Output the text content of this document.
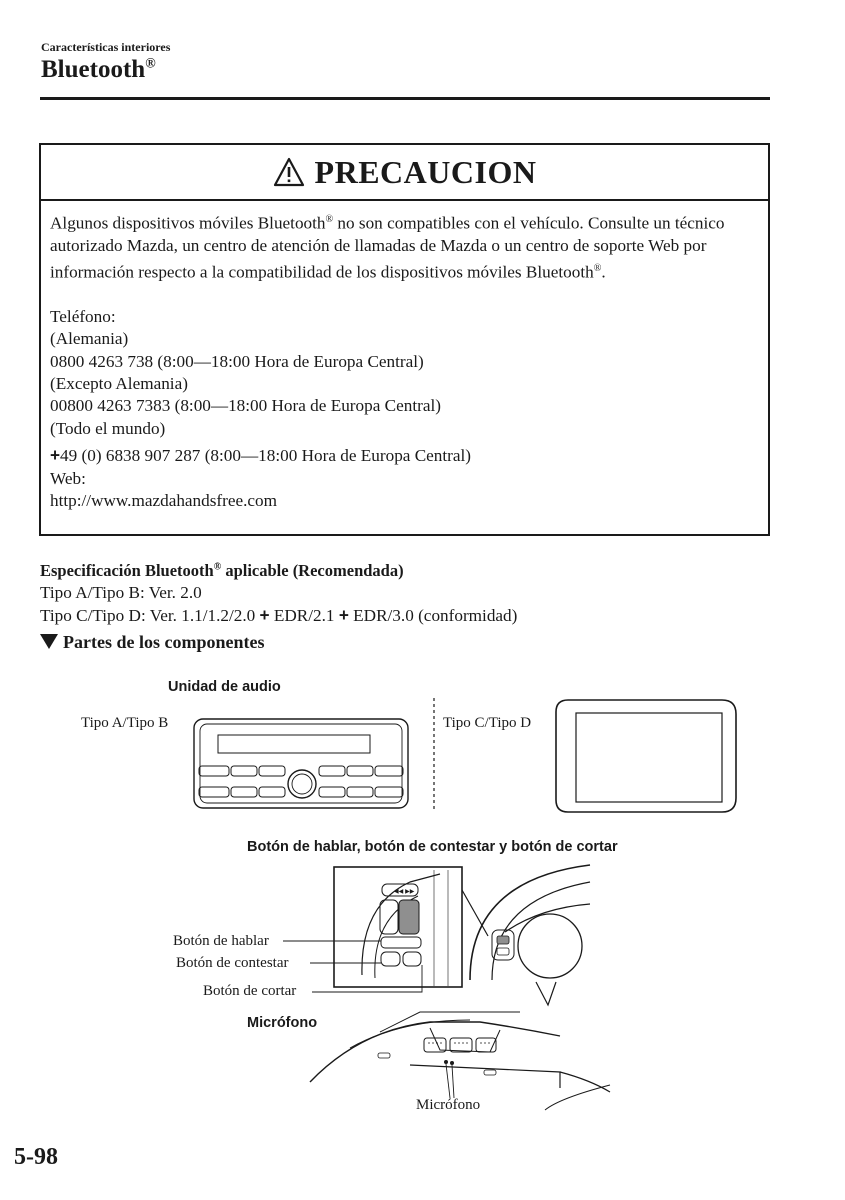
Características interiores
Bluetooth®
PRECAUCION

Algunos dispositivos móviles Bluetooth® no son compatibles con el vehículo. Consulte un técnico autorizado Mazda, un centro de atención de llamadas de Mazda o un centro de soporte Web por información respecto a la compatibilidad de los dispositivos móviles Bluetooth®.

Teléfono:

(Alemania)

0800 4263 738 (8:00—18:00 Hora de Europa Central)

(Excepto Alemania)

00800 4263 7383 (8:00—18:00 Hora de Europa Central)

(Todo el mundo)

+49 (0) 6838 907 287 (8:00—18:00 Hora de Europa Central)

Web:

http://www.mazdahandsfree.com

Especificación Bluetooth® aplicable (Recomendada)
Tipo A/Tipo B: Ver. 2.0
Tipo C/Tipo D: Ver. 1.1/1.2/2.0 + EDR/2.1 + EDR/3.0 (conformidad)
Partes de los componentes
Unidad de audio
Tipo A/Tipo B	Tipo C/Tipo D
Botón de hablar, botón de contestar y botón de cortar
Botón de hablar
Botón de contestar
Botón de cortar
Micrófono
Micrófono
◀◀ ▶▶
5-98
